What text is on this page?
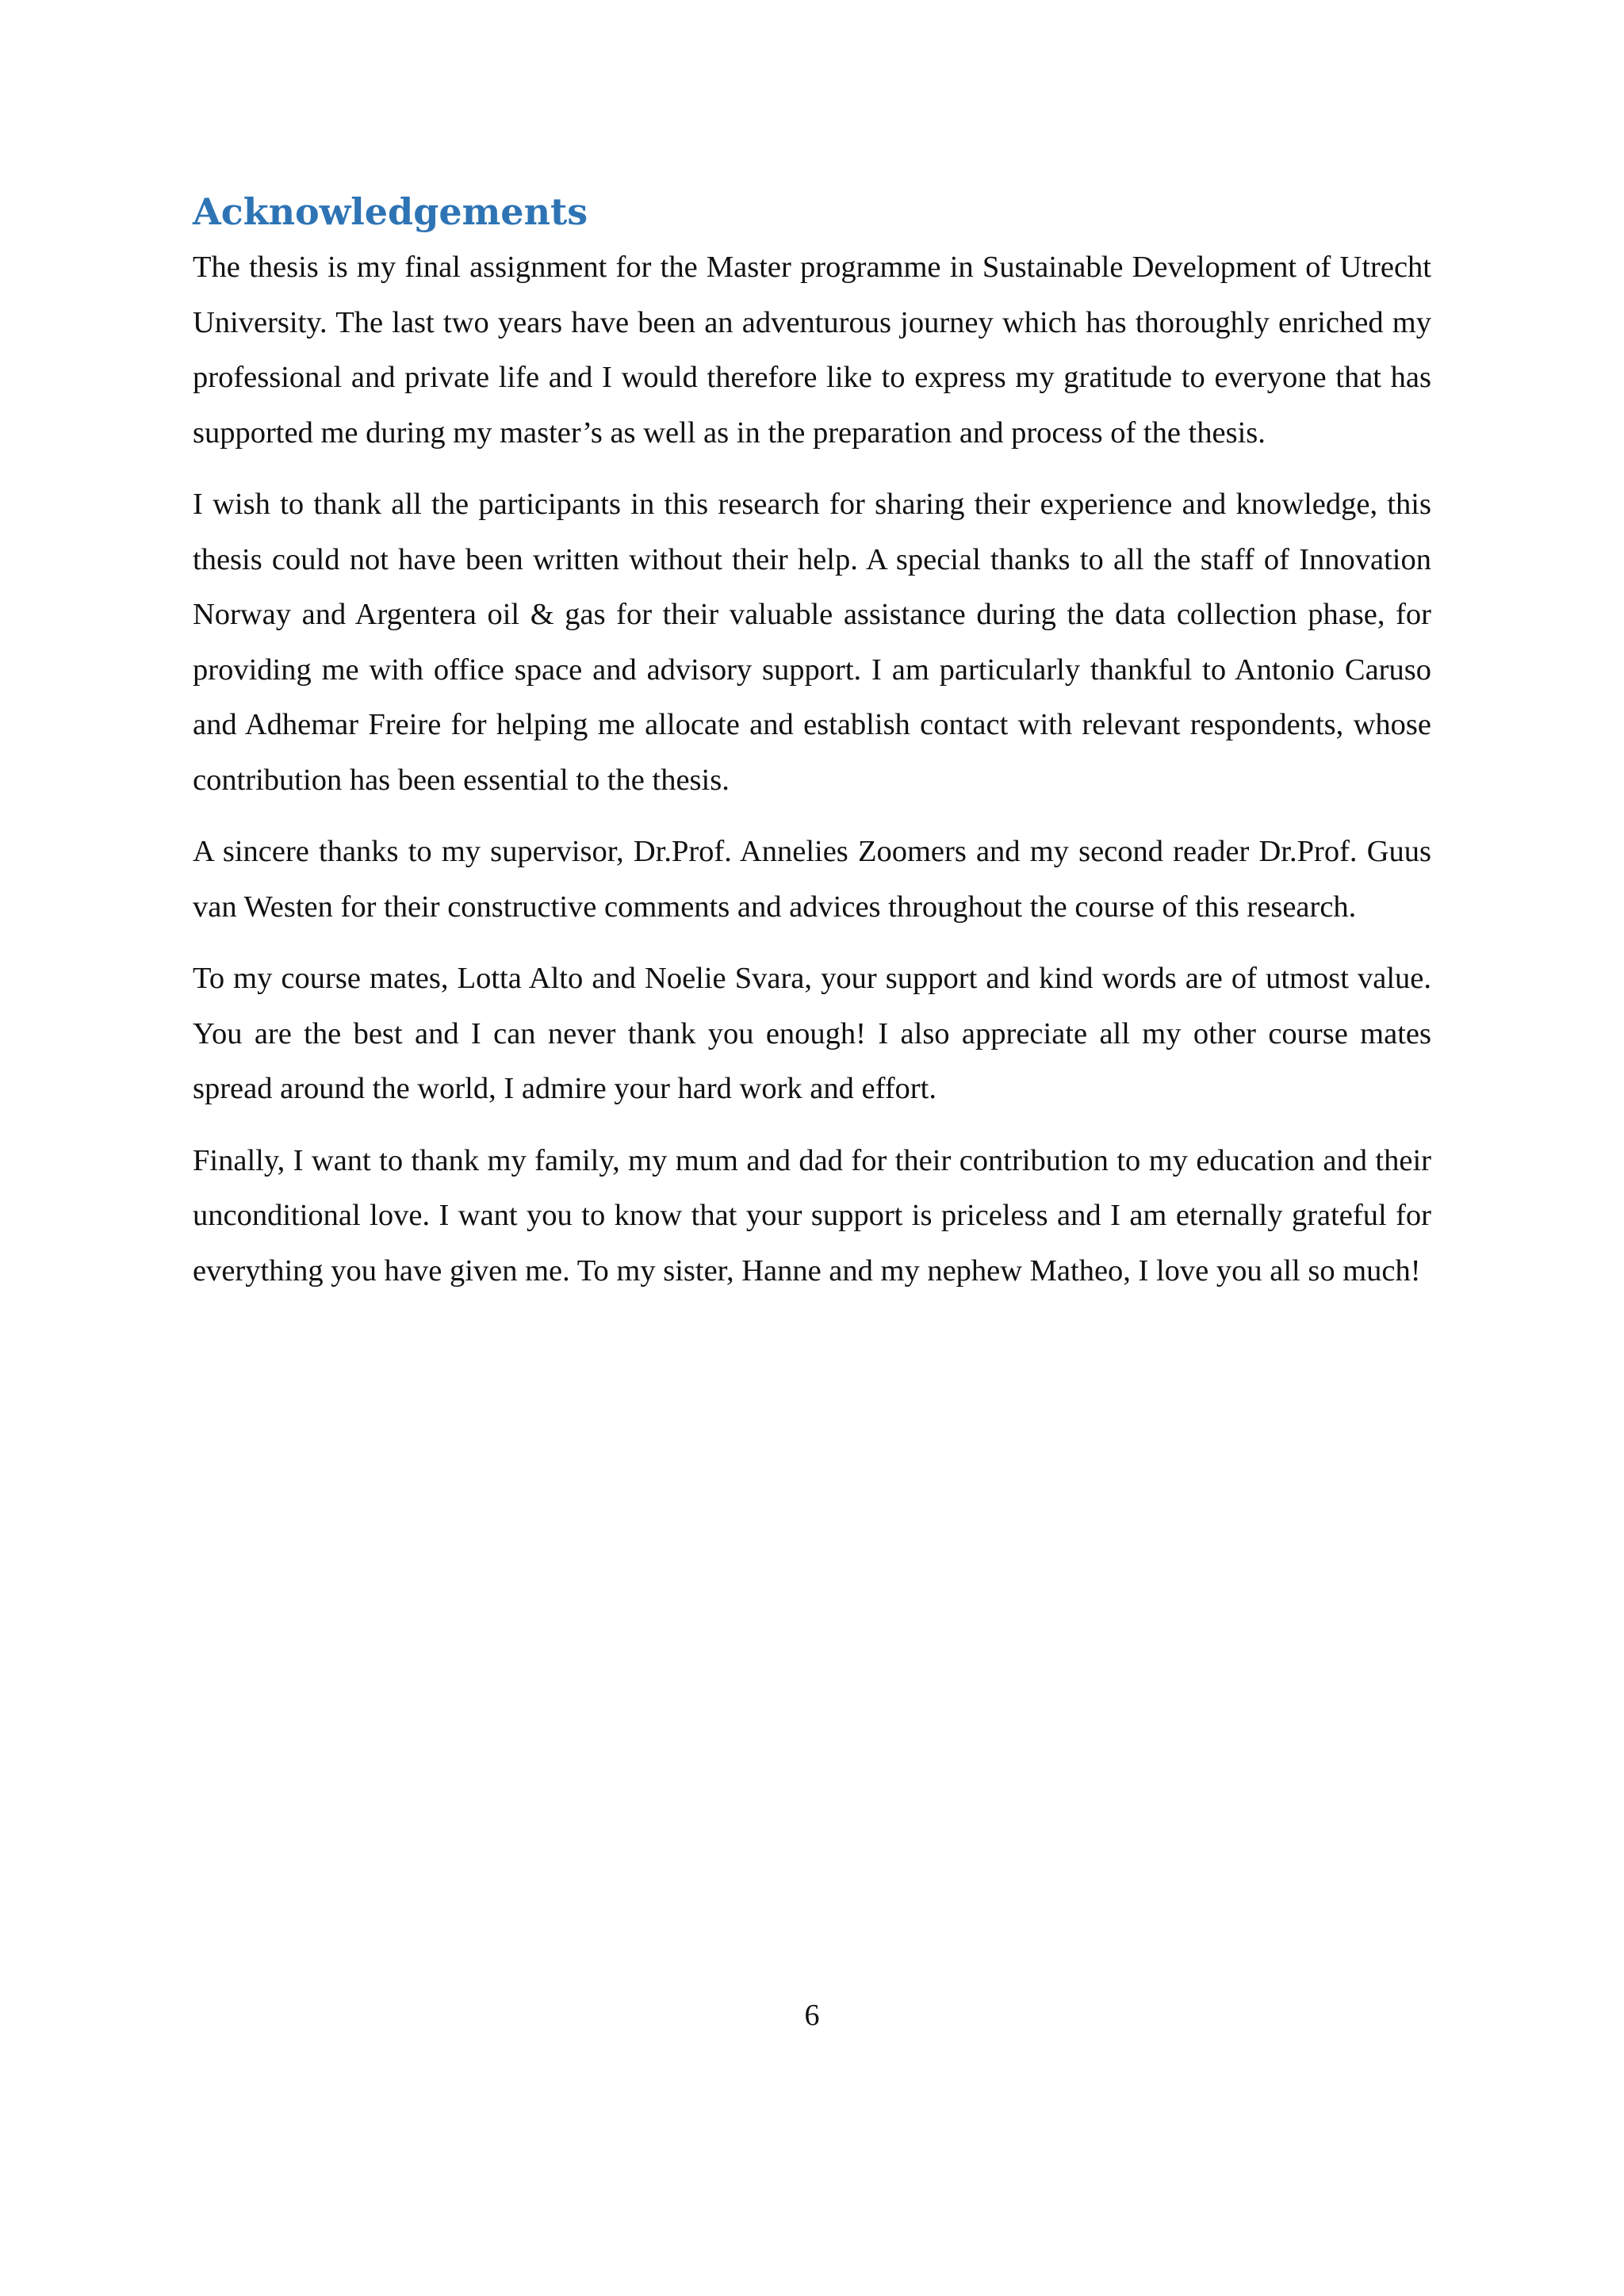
Acknowledgements

The thesis is my final assignment for the Master programme in Sustainable Development of Utrecht University. The last two years have been an adventurous journey which has thoroughly enriched my professional and private life and I would therefore like to express my gratitude to everyone that has supported me during my master’s as well as in the preparation and process of the thesis.

I wish to thank all the participants in this research for sharing their experience and knowledge, this thesis could not have been written without their help. A special thanks to all the staff of Innovation Norway and Argentera oil & gas for their valuable assistance during the data collection phase, for providing me with office space and advisory support. I am particularly thankful to Antonio Caruso and Adhemar Freire for helping me allocate and establish contact with relevant respondents, whose contribution has been essential to the thesis.

A sincere thanks to my supervisor, Dr.Prof. Annelies Zoomers and my second reader Dr.Prof. Guus van Westen for their constructive comments and advices throughout the course of this research.

To my course mates, Lotta Alto and Noelie Svara, your support and kind words are of utmost value. You are the best and I can never thank you enough! I also appreciate all my other course mates spread around the world, I admire your hard work and effort.

Finally, I want to thank my family, my mum and dad for their contribution to my education and their unconditional love. I want you to know that your support is priceless and I am eternally grateful for everything you have given me. To my sister, Hanne and my nephew Matheo, I love you all so much!

6
